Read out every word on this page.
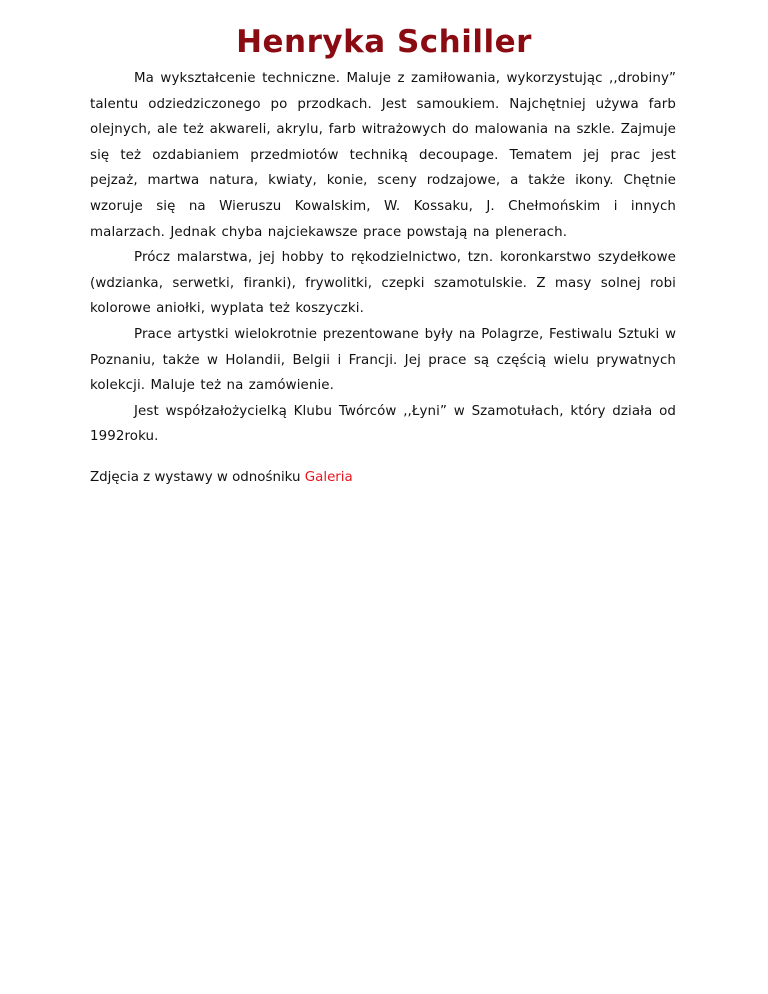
Henryka Schiller

Ma wykształcenie techniczne. Maluje z zamiłowania, wykorzystując ,,drobiny” talentu odziedziczonego po przodkach. Jest samoukiem. Najchętniej używa farb olejnych, ale też akwareli, akrylu, farb witrażowych do malowania na szkle. Zajmuje się też ozdabianiem przedmiotów techniką decoupage. Tematem jej prac jest pejzaż, martwa natura, kwiaty, konie, sceny rodzajowe, a także ikony. Chętnie wzoruje się na Wieruszu Kowalskim, W. Kossaku, J. Chełmońskim i innych malarzach. Jednak chyba najciekawsze prace powstają na plenerach.

Prócz malarstwa, jej hobby to rękodzielnictwo, tzn. koronkarstwo szydełkowe (wdzianka, serwetki, firanki), frywolitki, czepki szamotulskie. Z masy solnej robi kolorowe aniołki, wyplata też koszyczki.

Prace artystki wielokrotnie prezentowane były na Polagrze, Festiwalu Sztuki w Poznaniu, także w Holandii, Belgii i Francji. Jej prace są częścią wielu prywatnych kolekcji. Maluje też na zamówienie.

Jest współzałożycielką Klubu Twórców ,,Łyni” w Szamotułach, który działa od 1992roku.

Zdjęcia z wystawy w odnośniku Galeria
